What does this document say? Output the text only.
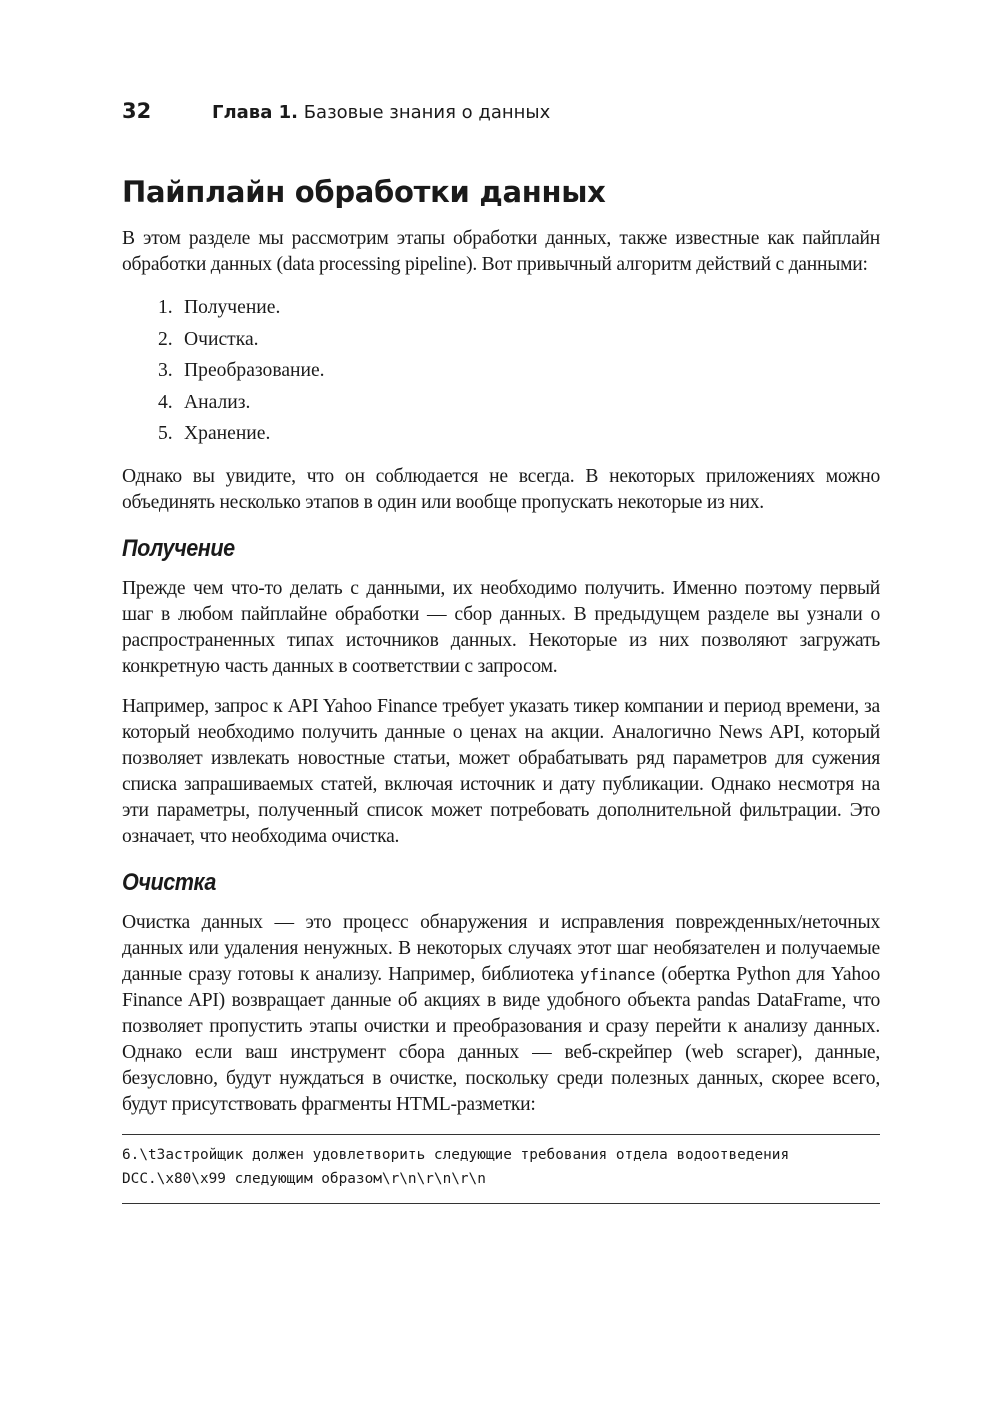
32	Глава 1. Базовые знания о данных
Пайплайн обработки данных

В этом разделе мы рассмотрим этапы обработки данных, также известные как пайплайн обработки данных (data processing pipeline). Вот привычный алгоритм действий с данными:

1. Получение.
2. Очистка.
3. Преобразование.
4. Анализ.
5. Хранение.

Однако вы увидите, что он соблюдается не всегда. В некоторых приложениях можно объединять несколько этапов в один или вообще пропускать некоторые из них.

Получение

Прежде чем что-то делать с данными, их необходимо получить. Именно поэтому первый шаг в любом пайплайне обработки — сбор данных. В предыдущем разделе вы узнали о распространенных типах источников данных. Некоторые из них позволяют загружать конкретную часть данных в соответствии с запросом.

Например, запрос к API Yahoo Finance требует указать тикер компании и период времени, за который необходимо получить данные о ценах на акции. Аналогично News API, который позволяет извлекать новостные статьи, может обрабатывать ряд параметров для сужения списка запрашиваемых статей, включая источник и дату публикации. Однако несмотря на эти параметры, полученный список может потребовать дополнительной фильтрации. Это означает, что необходима очистка.

Очистка

Очистка данных — это процесс обнаружения и исправления поврежденных/неточных данных или удаления ненужных. В некоторых случаях этот шаг необязателен и получаемые данные сразу готовы к анализу. Например, библиотека yfinance (обертка Python для Yahoo Finance API) возвращает данные об акциях в виде удобного объекта pandas DataFrame, что позволяет пропустить этапы очистки и преобразования и сразу перейти к анализу данных. Однако если ваш инструмент сбора данных — веб-скрейпер (web scraper), данные, безусловно, будут нуждаться в очистке, поскольку среди полезных данных, скорее всего, будут присутствовать фрагменты HTML-разметки:

6.\tЗастройщик должен удовлетворить следующие требования отдела водоотведения
DCC.\x80\x99 следующим образом\r\n\r\n\r\n
